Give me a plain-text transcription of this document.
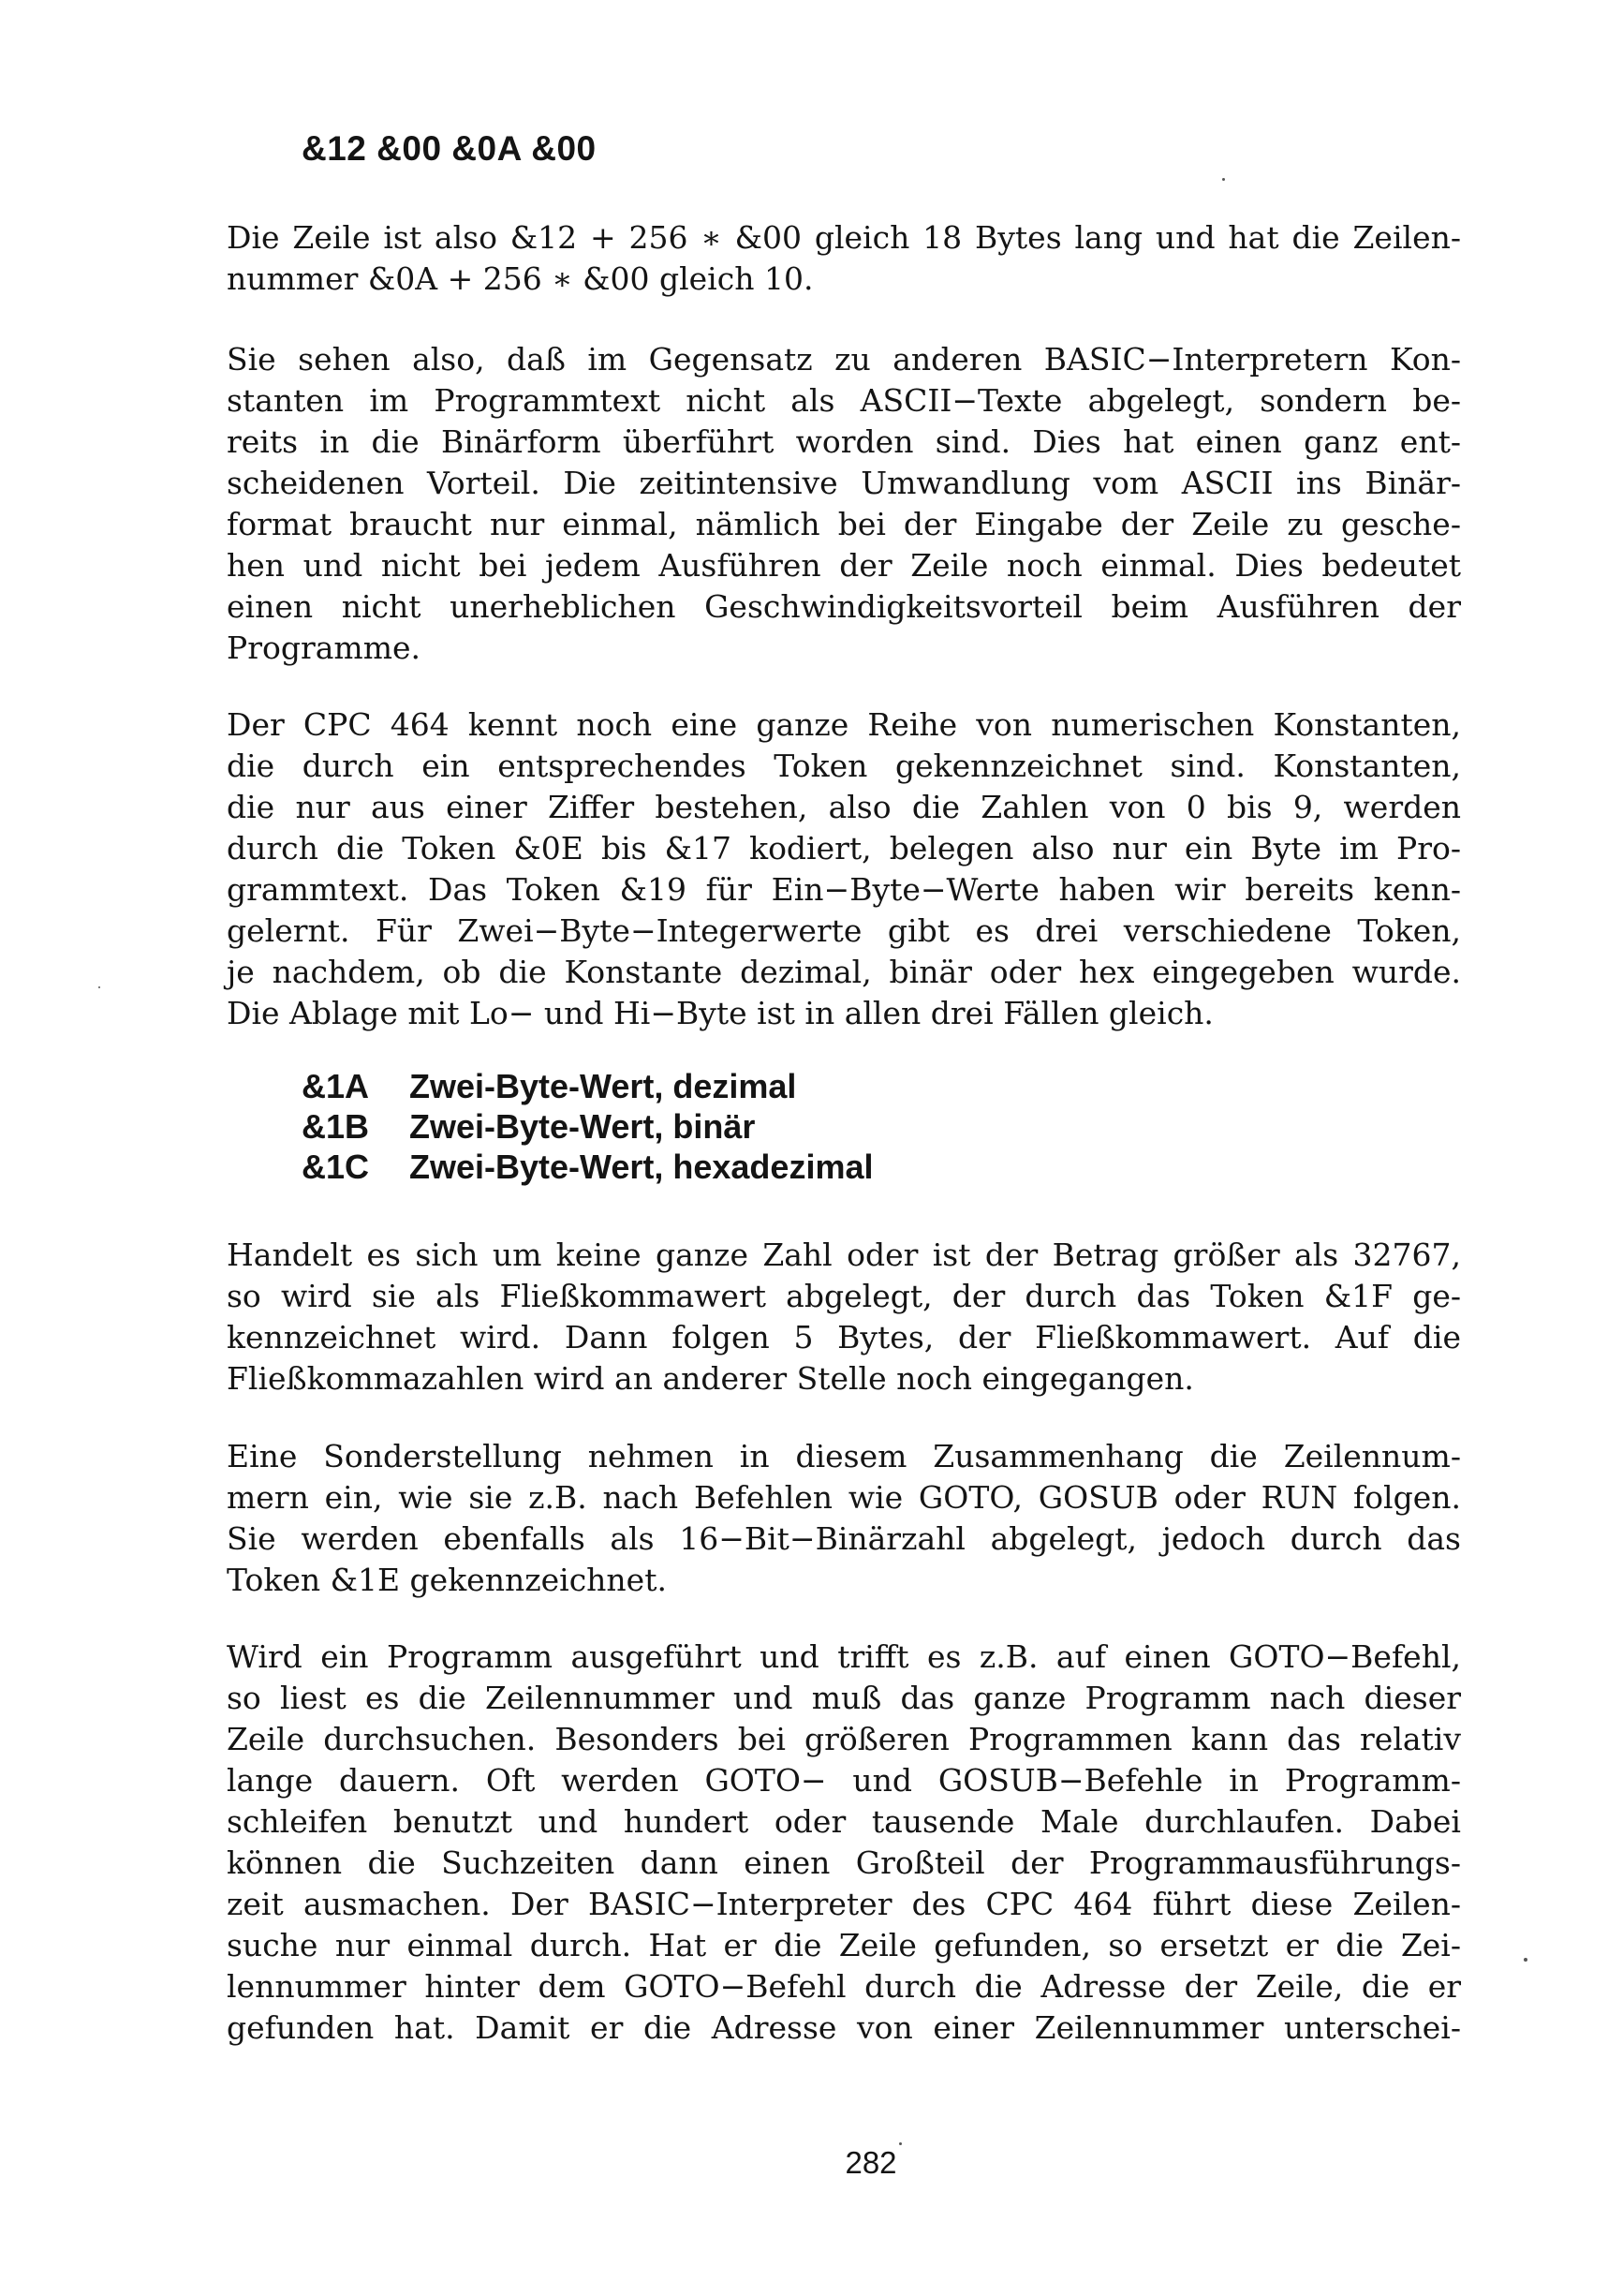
&12 &00 &0A &00
Die Zeile ist also &12 + 256 ∗ &00 gleich 18 Bytes lang und hat die Zeilen-
nummer &0A + 256 ∗ &00 gleich 10.
Sie sehen also, daß im Gegensatz zu anderen BASIC−Interpretern Kon-
stanten im Programmtext nicht als ASCII−Texte abgelegt, sondern be-
reits in die Binärform überführt worden sind. Dies hat einen ganz ent-
scheidenen Vorteil. Die zeitintensive Umwandlung vom ASCII ins Binär-
format braucht nur einmal, nämlich bei der Eingabe der Zeile zu gesche-
hen und nicht bei jedem Ausführen der Zeile noch einmal. Dies bedeutet
einen nicht unerheblichen Geschwindigkeitsvorteil beim Ausführen der
Programme.
Der CPC 464 kennt noch eine ganze Reihe von numerischen Konstanten,
die durch ein entsprechendes Token gekennzeichnet sind. Konstanten,
die nur aus einer Ziffer bestehen, also die Zahlen von 0 bis 9, werden
durch die Token &0E bis &17 kodiert, belegen also nur ein Byte im Pro-
grammtext. Das Token &19 für Ein−Byte−Werte haben wir bereits kenn-
gelernt. Für Zwei−Byte−Integerwerte gibt es drei verschiedene Token,
je nachdem, ob die Konstante dezimal, binär oder hex eingegeben wurde.
Die Ablage mit Lo− und Hi−Byte ist in allen drei Fällen gleich.
&1A	Zwei-Byte-Wert, dezimal
&1B	Zwei-Byte-Wert, binär
&1C	Zwei-Byte-Wert, hexadezimal
Handelt es sich um keine ganze Zahl oder ist der Betrag größer als 32767,
so wird sie als Fließkommawert abgelegt, der durch das Token &1F ge-
kennzeichnet wird. Dann folgen 5 Bytes, der Fließkommawert. Auf die
Fließkommazahlen wird an anderer Stelle noch eingegangen.
Eine Sonderstellung nehmen in diesem Zusammenhang die Zeilennum-
mern ein, wie sie z.B. nach Befehlen wie GOTO, GOSUB oder RUN folgen.
Sie werden ebenfalls als 16−Bit−Binärzahl abgelegt, jedoch durch das
Token &1E gekennzeichnet.
Wird ein Programm ausgeführt und trifft es z.B. auf einen GOTO−Befehl,
so liest es die Zeilennummer und muß das ganze Programm nach dieser
Zeile durchsuchen. Besonders bei größeren Programmen kann das relativ
lange dauern. Oft werden GOTO− und GOSUB−Befehle in Programm-
schleifen benutzt und hundert oder tausende Male durchlaufen. Dabei
können die Suchzeiten dann einen Großteil der Programmausführungs-
zeit ausmachen. Der BASIC−Interpreter des CPC 464 führt diese Zeilen-
suche nur einmal durch. Hat er die Zeile gefunden, so ersetzt er die Zei-
lennummer hinter dem GOTO−Befehl durch die Adresse der Zeile, die er
gefunden hat. Damit er die Adresse von einer Zeilennummer unterschei-
282
